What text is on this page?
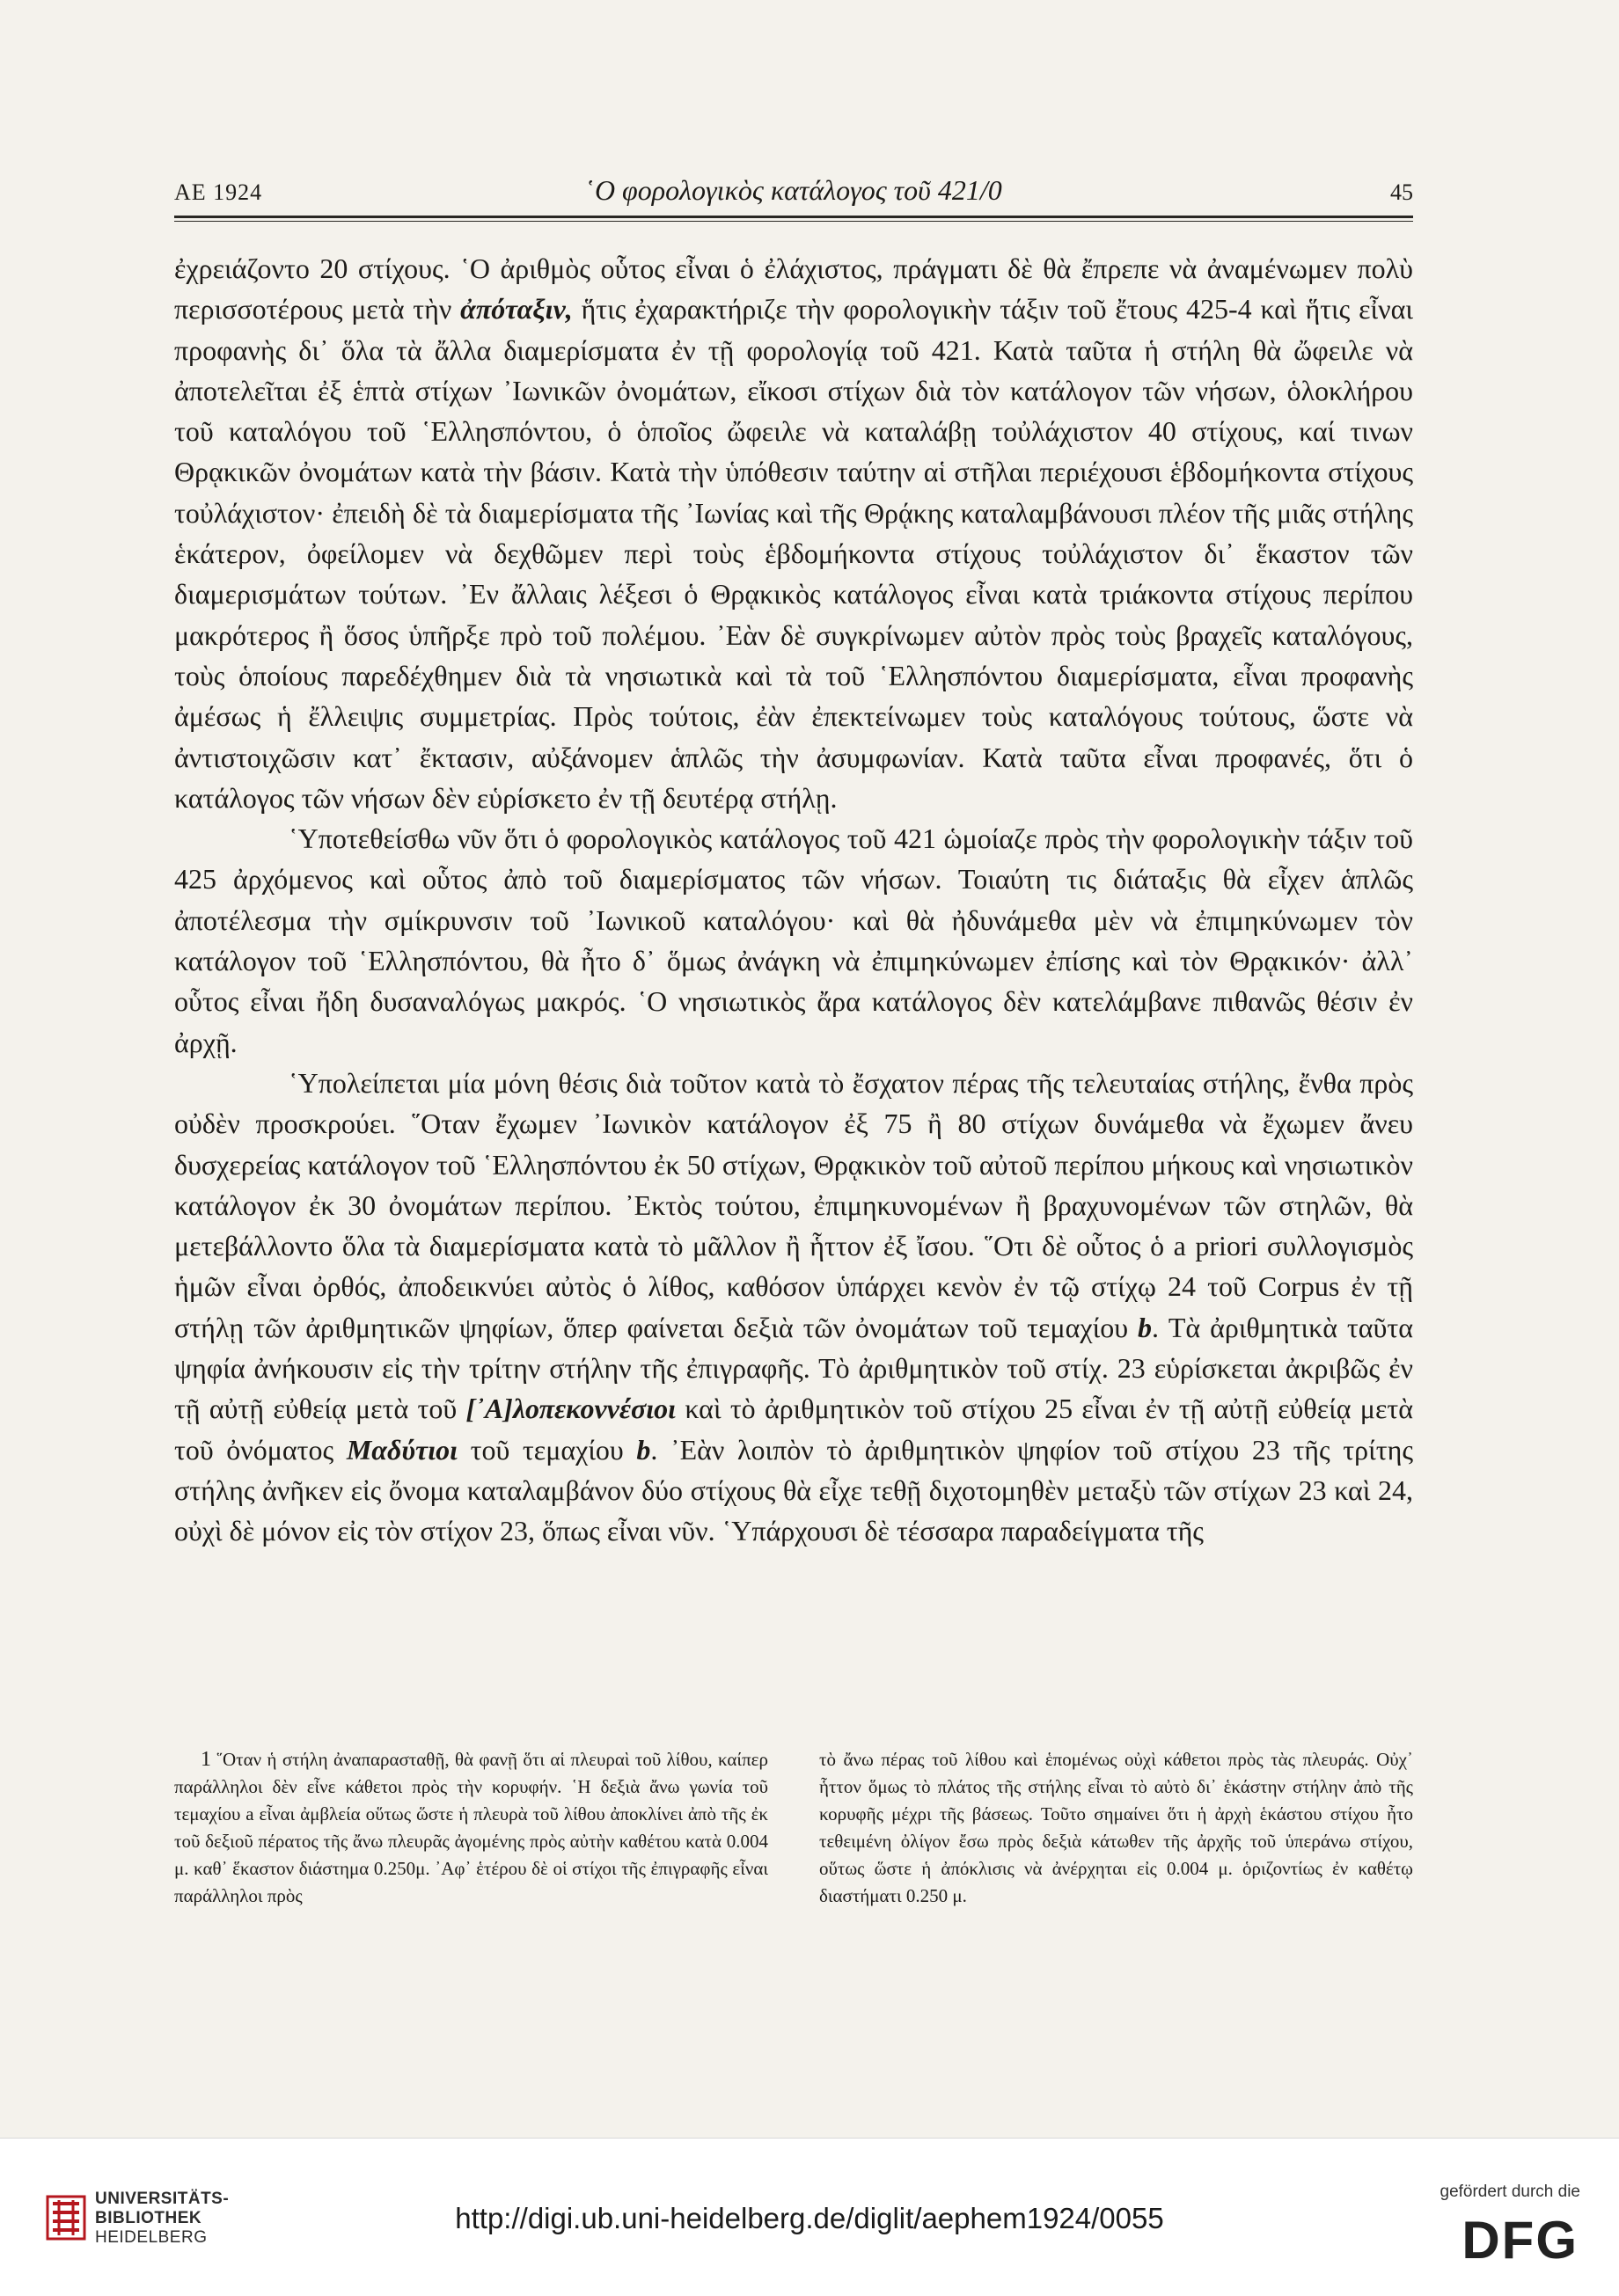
ΑΕ 1924	῾Ο φορολογικὸς κατάλογος τοῦ 421/0	45

ἐχρειάζοντο 20 στίχους. ῾Ο ἀριθμὸς οὗτος εἶναι ὁ ἐλάχιστος, πράγματι δὲ θὰ ἔπρεπε νὰ ἀναμένωμεν πολὺ περισσοτέρους μετὰ τὴν ἀπόταξιν, ἥτις ἐχαρακτήριζε τὴν φορολογικὴν τάξιν τοῦ ἔτους 425-4 καὶ ἥτις εἶναι προφανὴς δι᾽ ὅλα τὰ ἄλλα διαμερίσματα ἐν τῇ φορολογίᾳ τοῦ 421. Κατὰ ταῦτα ἡ στήλη θὰ ὤφειλε νὰ ἀποτελεῖται ἐξ ἑπτὰ στίχων ᾿Ιωνικῶν ὀνομάτων, εἴκοσι στίχων διὰ τὸν κατάλογον τῶν νήσων, ὁλοκλήρου τοῦ καταλόγου τοῦ ῾Ελλησπόντου, ὁ ὁποῖος ὤφειλε νὰ καταλάβῃ τοὐλάχιστον 40 στίχους, καί τινων Θρᾳκικῶν ὀνομάτων κατὰ τὴν βάσιν. Κατὰ τὴν ὑπόθεσιν ταύτην αἱ στῆλαι περιέχουσι ἑβδομήκοντα στίχους τοὐλάχιστον· ἐπειδὴ δὲ τὰ διαμερίσματα τῆς ᾿Ιωνίας καὶ τῆς Θρᾴκης καταλαμβάνουσι πλέον τῆς μιᾶς στήλης ἑκάτερον, ὀφείλομεν νὰ δεχθῶμεν περὶ τοὺς ἑβδομήκοντα στίχους τοὐλάχιστον δι᾽ ἕκαστον τῶν διαμερισμάτων τούτων. ᾿Εν ἄλλαις λέξεσι ὁ Θρᾳκικὸς κατάλογος εἶναι κατὰ τριάκοντα στίχους περίπου μακρότερος ἢ ὅσος ὑπῆρξε πρὸ τοῦ πολέμου. ᾿Εὰν δὲ συγκρίνωμεν αὐτὸν πρὸς τοὺς βραχεῖς καταλόγους, τοὺς ὁποίους παρεδέχθημεν διὰ τὰ νησιωτικὰ καὶ τὰ τοῦ ῾Ελλησπόντου διαμερίσματα, εἶναι προφανὴς ἀμέσως ἡ ἔλλειψις συμμετρίας. Πρὸς τούτοις, ἐὰν ἐπεκτείνωμεν τοὺς καταλόγους τούτους, ὥστε νὰ ἀντιστοιχῶσιν κατ᾽ ἔκτασιν, αὐξάνομεν ἁπλῶς τὴν ἀσυμφωνίαν. Κατὰ ταῦτα εἶναι προφανές, ὅτι ὁ κατάλογος τῶν νήσων δὲν εὑρίσκετο ἐν τῇ δευτέρᾳ στήλῃ.

῾Υποτεθείσθω νῦν ὅτι ὁ φορολογικὸς κατάλογος τοῦ 421 ὡμοίαζε πρὸς τὴν φορολογικὴν τάξιν τοῦ 425 ἀρχόμενος καὶ οὗτος ἀπὸ τοῦ διαμερίσματος τῶν νήσων. Τοιαύτη τις διάταξις θὰ εἶχεν ἁπλῶς ἀποτέλεσμα τὴν σμίκρυνσιν τοῦ ᾿Ιωνικοῦ καταλόγου· καὶ θὰ ἠδυνάμεθα μὲν νὰ ἐπιμηκύνωμεν τὸν κατάλογον τοῦ ῾Ελλησπόντου, θὰ ἦτο δ᾽ ὅμως ἀνάγκη νὰ ἐπιμηκύνωμεν ἐπίσης καὶ τὸν Θρᾳκικόν· ἀλλ᾽ οὗτος εἶναι ἤδη δυσαναλόγως μακρός. ῾Ο νησιωτικὸς ἄρα κατάλογος δὲν κατελάμβανε πιθανῶς θέσιν ἐν ἀρχῇ.

῾Υπολείπεται μία μόνη θέσις διὰ τοῦτον κατὰ τὸ ἔσχατον πέρας τῆς τελευταίας στήλης, ἔνθα πρὸς οὐδὲν προσκρούει. ῞Οταν ἔχωμεν ᾿Ιωνικὸν κατάλογον ἐξ 75 ἢ 80 στίχων δυνάμεθα νὰ ἔχωμεν ἄνευ δυσχερείας κατάλογον τοῦ ῾Ελλησπόντου ἐκ 50 στίχων, Θρᾳκικὸν τοῦ αὐτοῦ περίπου μήκους καὶ νησιωτικὸν κατάλογον ἐκ 30 ὀνομάτων περίπου. ᾿Εκτὸς τούτου, ἐπιμηκυνομένων ἢ βραχυνομένων τῶν στηλῶν, θὰ μετεβάλλοντο ὅλα τὰ διαμερίσματα κατὰ τὸ μᾶλλον ἢ ἧττον ἐξ ἴσου. ῞Οτι δὲ οὗτος ὁ a priori συλλογισμὸς ἡμῶν εἶναι ὀρθός, ἀποδεικνύει αὐτὸς ὁ λίθος, καθόσον ὑπάρχει κενὸν ἐν τῷ στίχῳ 24 τοῦ Corpus ἐν τῇ στήλῃ τῶν ἀριθμητικῶν ψηφίων, ὅπερ φαίνεται δεξιὰ τῶν ὀνομάτων τοῦ τεμαχίου b. Τὰ ἀριθμητικὰ ταῦτα ψηφία ἀνήκουσιν εἰς τὴν τρίτην στήλην τῆς ἐπιγραφῆς. Τὸ ἀριθμητικὸν τοῦ στίχ. 23 εὑρίσκεται ἀκριβῶς ἐν τῇ αὐτῇ εὐθείᾳ μετὰ τοῦ [᾿Α]λοπεκοννέσιοι καὶ τὸ ἀριθμητικὸν τοῦ στίχου 25 εἶναι ἐν τῇ αὐτῇ εὐθείᾳ μετὰ τοῦ ὀνόματος Μαδύτιοι τοῦ τεμαχίου b. ᾿Εὰν λοιπὸν τὸ ἀριθμητικὸν ψηφίον τοῦ στίχου 23 τῆς τρίτης στήλης ἀνῆκεν εἰς ὄνομα καταλαμβάνον δύο στίχους θὰ εἶχε τεθῇ διχοτομηθὲν μεταξὺ τῶν στίχων 23 καὶ 24, οὐχὶ δὲ μόνον εἰς τὸν στίχον 23, ὅπως εἶναι νῦν. ῾Υπάρχουσι δὲ τέσσαρα παραδείγματα τῆς

1 ῞Οταν ἡ στήλη ἀναπαρασταθῇ, θὰ φανῇ ὅτι αἱ πλευραὶ τοῦ λίθου, καίπερ παράλληλοι δὲν εἶνε κάθετοι πρὸς τὴν κορυφήν. ῾Η δεξιὰ ἄνω γωνία τοῦ τεμαχίου a εἶναι ἀμβλεία οὕτως ὥστε ἡ πλευρὰ τοῦ λίθου ἀποκλίνει ἀπὸ τῆς ἐκ τοῦ δεξιοῦ πέρατος τῆς ἄνω πλευρᾶς ἀγομένης πρὸς αὐτὴν καθέτου κατὰ 0.004 μ. καθ᾽ ἕκαστον διάστημα 0.250μ. ᾿Αφ᾽ ἑτέρου δὲ οἱ στίχοι τῆς ἐπιγραφῆς εἶναι παράλληλοι πρὸς
τὸ ἄνω πέρας τοῦ λίθου καὶ ἑπομένως οὐχὶ κάθετοι πρὸς τὰς πλευράς. Οὐχ᾽ ἧττον ὅμως τὸ πλάτος τῆς στήλης εἶναι τὸ αὐτὸ δι᾽ ἑκάστην στήλην ἀπὸ τῆς κορυφῆς μέχρι τῆς βάσεως. Τοῦτο σημαίνει ὅτι ἡ ἀρχὴ ἑκάστου στίχου ἦτο τεθειμένη ὀλίγον ἔσω πρὸς δεξιὰ κάτωθεν τῆς ἀρχῆς τοῦ ὑπεράνω στίχου, οὕτως ὥστε ἡ ἀπόκλισις νὰ ἀνέρχηται εἰς 0.004 μ. ὁριζοντίως ἐν καθέτῳ διαστήματι 0.250 μ.
UNIVERSITÄTS-
BIBLIOTHEK
HEIDELBERG
http://digi.ub.uni-heidelberg.de/diglit/aephem1924/0055
gefördert durch die
DFG
